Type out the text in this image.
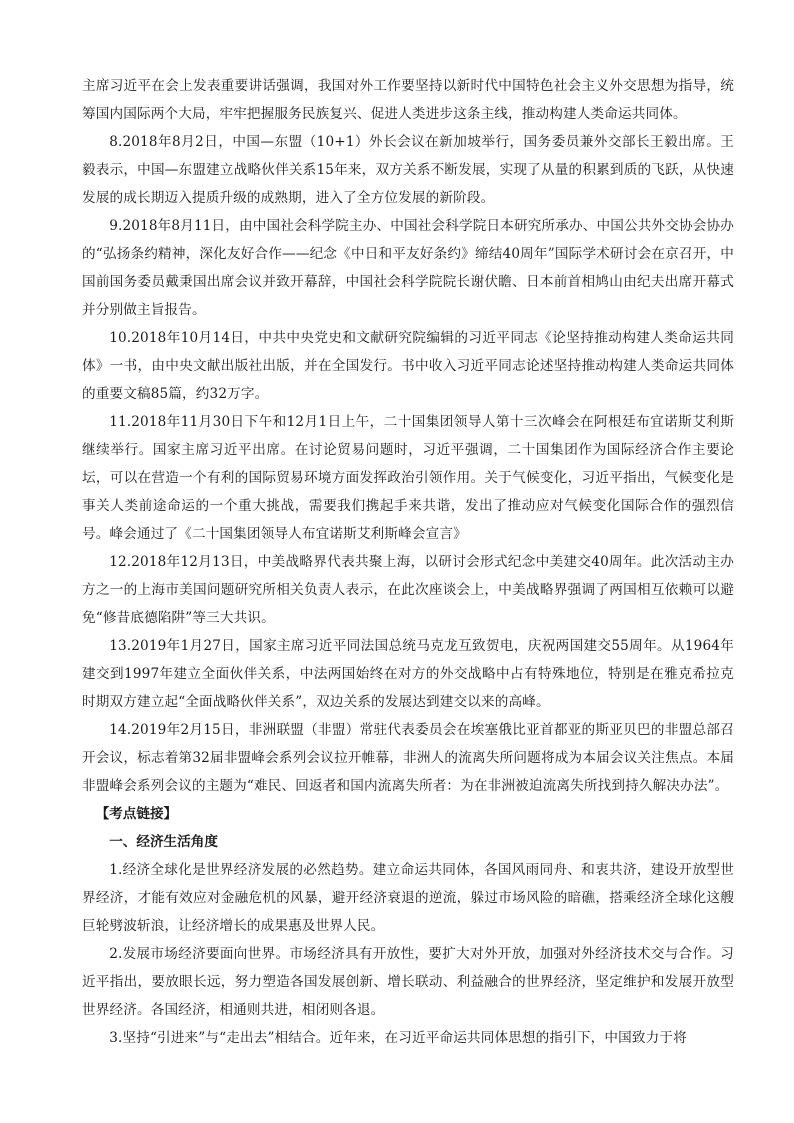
主席习近平在会上发表重要讲话强调，我国对外工作要坚持以新时代中国特色社会主义外交思想为指导，统筹国内国际两个大局，牢牢把握服务民族复兴、促进人类进步这条主线，推动构建人类命运共同体。

8.2018年8月2日，中国—东盟（10+1）外长会议在新加坡举行，国务委员兼外交部长王毅出席。王毅表示，中国—东盟建立战略伙伴关系15年来，双方关系不断发展，实现了从量的积累到质的飞跃，从快速发展的成长期迈入提质升级的成熟期，进入了全方位发展的新阶段。

9.2018年8月11日，由中国社会科学院主办、中国社会科学院日本研究所承办、中国公共外交协会协办的“弘扬条约精神，深化友好合作——纪念《中日和平友好条约》缔结40周年”国际学术研讨会在京召开，中国前国务委员戴秉国出席会议并致开幕辞，中国社会科学院院长谢伏瞻、日本前首相鸠山由纪夫出席开幕式并分别做主旨报告。

10.2018年10月14日，中共中央党史和文献研究院编辑的习近平同志《论坚持推动构建人类命运共同体》一书，由中央文献出版社出版，并在全国发行。书中收入习近平同志论述坚持推动构建人类命运共同体的重要文稿85篇，约32万字。

11.2018年11月30日下午和12月1日上午，二十国集团领导人第十三次峰会在阿根廷布宜诺斯艾利斯继续举行。国家主席习近平出席。在讨论贸易问题时，习近平强调，二十国集团作为国际经济合作主要论坛，可以在营造一个有利的国际贸易环境方面发挥政治引领作用。关于气候变化，习近平指出，气候变化是事关人类前途命运的一个重大挑战，需要我们携起手来共谐，发出了推动应对气候变化国际合作的强烈信号。峰会通过了《二十国集团领导人布宜诺斯艾利斯峰会宣言》

12.2018年12月13日，中美战略界代表共聚上海，以研讨会形式纪念中美建交40周年。此次活动主办方之一的上海市美国问题研究所相关负责人表示，在此次座谈会上，中美战略界强调了两国相互依赖可以避免“修昔底德陷阱”等三大共识。

13.2019年1月27日，国家主席习近平同法国总统马克龙互致贺电，庆祝两国建交55周年。从1964年建交到1997年建立全面伙伴关系，中法两国始终在对方的外交战略中占有特殊地位，特别是在雅克希拉克时期双方建立起“全面战略伙伴关系”，双边关系的发展达到建交以来的高峰。

14.2019年2月15日，非洲联盟（非盟）常驻代表委员会在埃塞俄比亚首都亚的斯亚贝巴的非盟总部召开会议，标志着第32届非盟峰会系列会议拉开帷幕，非洲人的流离失所问题将成为本届会议关注焦点。本届非盟峰会系列会议的主题为“难民、回返者和国内流离失所者：为在非洲被迫流离失所找到持久解决办法”。

【考点链接】

一、经济生活角度

1.经济全球化是世界经济发展的必然趋势。建立命运共同体，各国风雨同舟、和衷共济，建设开放型世界经济，才能有效应对金融危机的风暴，避开经济衰退的逆流，躲过市场风险的暗礁，搭乘经济全球化这艘巨轮劈波斩浪，让经济增长的成果惠及世界人民。

2.发展市场经济要面向世界。市场经济具有开放性，要扩大对外开放，加强对外经济技术交与合作。习近平指出，要放眼长远，努力塑造各国发展创新、增长联动、利益融合的世界经济，坚定维护和发展开放型世界经济。各国经济，相通则共进，相闭则各退。

3.坚持“引进来”与“走出去”相结合。近年来，在习近平命运共同体思想的指引下，中国致力于将
